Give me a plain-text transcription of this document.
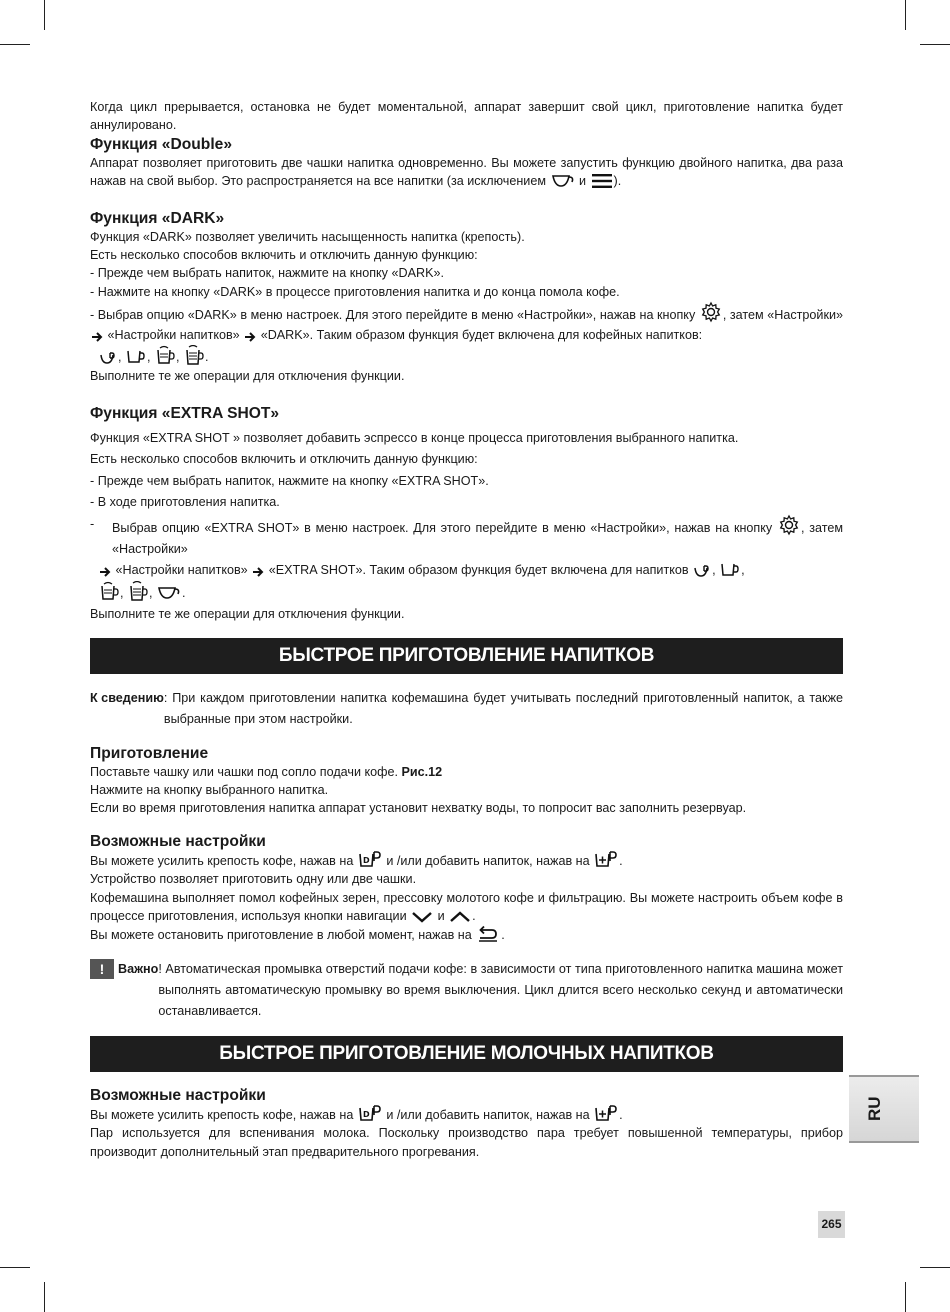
Когда цикл прерывается, остановка не будет моментальной, аппарат завершит свой цикл, приготовление напитка будет аннулировано.

Функция «Double»

Аппарат позволяет приготовить две чашки напитка одновременно. Вы можете запустить функцию двойного напитка, два раза нажав на свой выбор. Это распространяется на все напитки (за исключением	и ).

Функция «DARK»

Функция «DARK» позволяет увеличить насыщенность напитка (крепость).

Есть несколько способов включить и отключить данную функцию:

- Прежде чем выбрать напиток, нажмите на кнопку «DARK».

- Нажмите на кнопку «DARK» в процессе приготовления напитка и до конца помола кофе.

- Выбрав опцию «DARK» в меню настроек. Для этого перейдите в меню «Настройки», нажав на кнопку , затем «Настройки»
«Настройки напитков» «DARK». Таким образом функция будет включена для кофейных напитков:

, , , .

Выполните те же операции для отключения функции.

Функция «EXTRA SHOT»

Функция «EXTRA SHOT » позволяет добавить эспрессо в конце процесса приготовления выбранного напитка.

Есть несколько способов включить и отключить данную функцию:

- Прежде чем выбрать напиток, нажмите на кнопку «EXTRA SHOT».

- В ходе приготовления напитка.

-	Выбрав опцию «EXTRA SHOT» в меню настроек. Для этого перейдите в меню «Настройки», нажав на кнопку , затем «Настройки»

«Настройки напитков» «EXTRA SHOT». Таким образом функция будет включена для напитков , ,

, , .

Выполните те же операции для отключения функции.

БЫСТРОЕ ПРИГОТОВЛЕНИЕ НАПИТКОВ

К сведению : При каждом приготовлении напитка кофемашина будет учитывать последний приготовленный напиток, а также выбранные при этом настройки.

Приготовление

Поставьте чашку или чашки под сопло подачи кофе. Рис.12

Нажмите на кнопку выбранного напитка.

Если во время приготовления напитка аппарат установит нехватку воды, то попросит вас заполнить резервуар.

Возможные настройки

Вы можете усилить крепость кофе, нажав на D и /или добавить напиток, нажав на .

Устройство позволяет приготовить одну или две чашки.

Кофемашина выполняет помол кофейных зерен, прессовку молотого кофе и фильтрацию. Вы можете настроить объем кофе в процессе приготовления, используя кнопки навигации и .

Вы можете остановить приготовление в любой момент, нажав на .

!	Важно ! Автоматическая промывка отверстий подачи кофе: в зависимости от типа приготовленного напитка машина может выполнять автоматическую промывку во время выключения. Цикл длится всего несколько секунд и автоматически останавливается.

БЫСТРОЕ ПРИГОТОВЛЕНИЕ МОЛОЧНЫХ НАПИТКОВ

Возможные настройки

Вы можете усилить крепость кофе, нажав на D и /или добавить напиток, нажав на .

Пар используется для вспенивания молока. Поскольку производство пара требует повышенной температуры, прибор производит дополнительный этап предварительного прогревания.

RU
265
